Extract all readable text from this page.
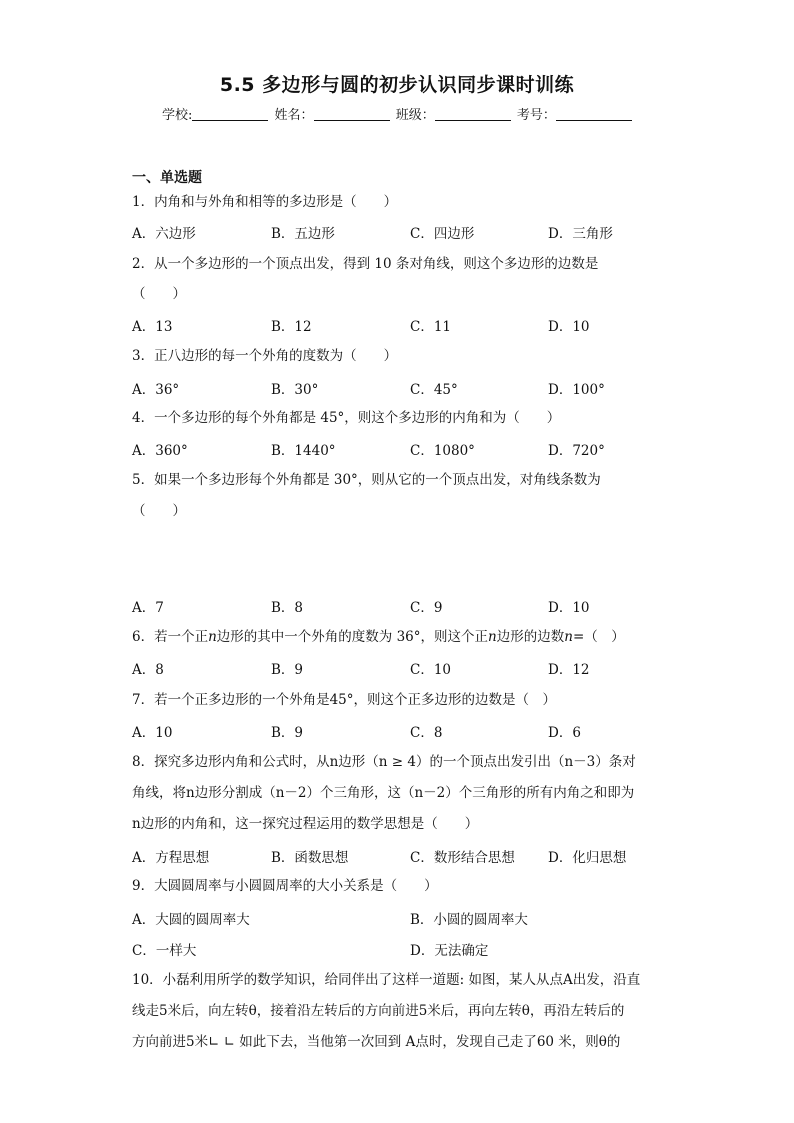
5.5 多边形与圆的初步认识同步课时训练
学校:	姓名：	班级：	考号：
一、单选题
1．内角和与外角和相等的多边形是（　　）
A．六边形	B．五边形	C．四边形	D．三角形
2．从一个多边形的一个顶点出发，得到 10 条对角线，则这个多边形的边数是
（　　）
A．13	B．12	C．11	D．10
3．正八边形的每一个外角的度数为（　　）
A．36°	B．30°	C．45°	D．100°
4．一个多边形的每个外角都是 45°，则这个多边形的内角和为（　　）
A．360°	B．1440°	C．1080°	D．720°
5．如果一个多边形每个外角都是 30°，则从它的一个顶点出发，对角线条数为
（　　）
A．7	B．8	C．9	D．10
6．若一个正n边形的其中一个外角的度数为 36°，则这个正n边形的边数n=（　）
A．8	B．9	C．10	D．12
7．若一个正多边形的一个外角是45°，则这个正多边形的边数是（　）
A．10	B．9	C．8	D．6
8．探究多边形内角和公式时，从n边形（n ≥ 4）的一个顶点出发引出（n－3）条对
角线，将n边形分割成（n－2）个三角形，这（n－2）个三角形的所有内角之和即为
n边形的内角和，这一探究过程运用的数学思想是（　　）
A．方程思想	B．函数思想	C．数形结合思想 D．化归思想
9．大圆圆周率与小圆圆周率的大小关系是（　　）
A．大圆的圆周率大	B．小圆的圆周率大
C．一样大	D．无法确定
10．小磊利用所学的数学知识，给同伴出了这样一道题: 如图，某人从点A出发，沿直
线走5米后，向左转θ，接着沿左转后的方向前进5米后，再向左转θ，再沿左转后的
方向前进5米∟ ∟ 如此下去，当他第一次回到 A点时，发现自己走了60 米，则θ的
